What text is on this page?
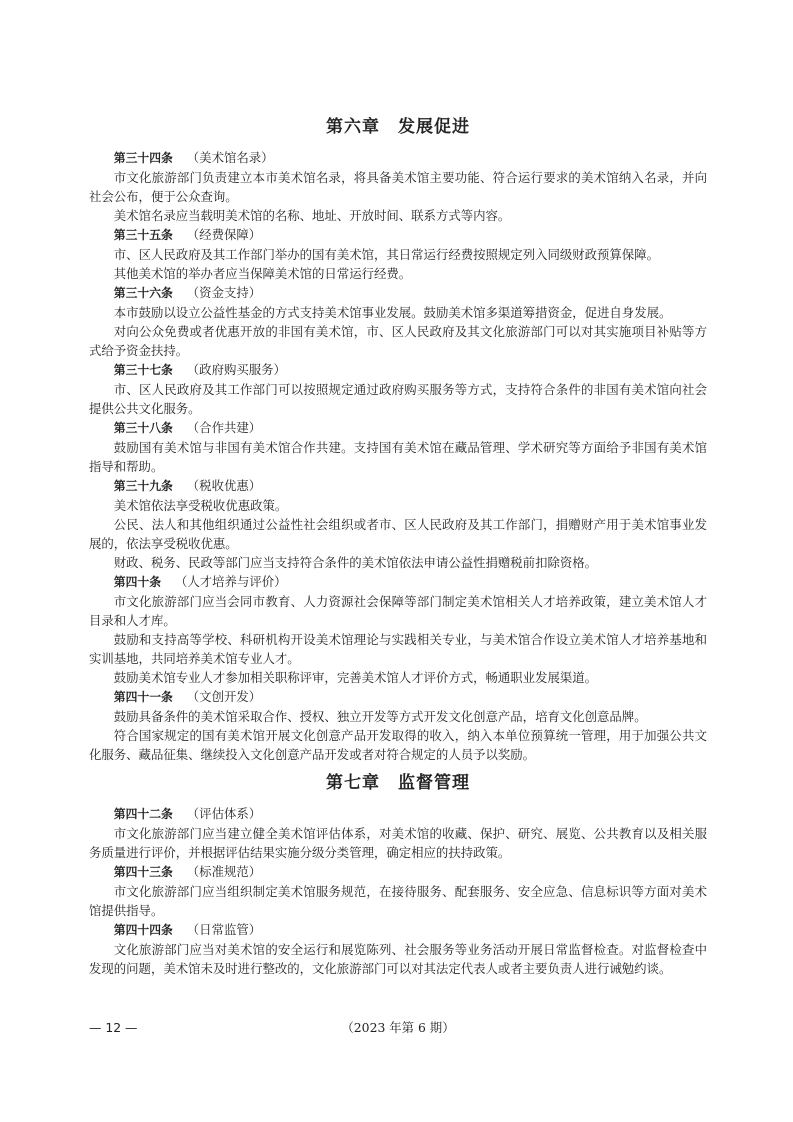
第六章 发展促进

第三十四条 （美术馆名录）

市文化旅游部门负责建立本市美术馆名录，将具备美术馆主要功能、符合运行要求的美术馆纳入名录，并向社会公布，便于公众查询。

美术馆名录应当载明美术馆的名称、地址、开放时间、联系方式等内容。

第三十五条 （经费保障）

市、区人民政府及其工作部门举办的国有美术馆，其日常运行经费按照规定列入同级财政预算保障。

其他美术馆的举办者应当保障美术馆的日常运行经费。

第三十六条 （资金支持）

本市鼓励以设立公益性基金的方式支持美术馆事业发展。鼓励美术馆多渠道筹措资金，促进自身发展。

对向公众免费或者优惠开放的非国有美术馆，市、区人民政府及其文化旅游部门可以对其实施项目补贴等方式给予资金扶持。

第三十七条 （政府购买服务）

市、区人民政府及其工作部门可以按照规定通过政府购买服务等方式，支持符合条件的非国有美术馆向社会提供公共文化服务。

第三十八条 （合作共建）

鼓励国有美术馆与非国有美术馆合作共建。支持国有美术馆在藏品管理、学术研究等方面给予非国有美术馆指导和帮助。

第三十九条 （税收优惠）

美术馆依法享受税收优惠政策。

公民、法人和其他组织通过公益性社会组织或者市、区人民政府及其工作部门，捐赠财产用于美术馆事业发展的，依法享受税收优惠。

财政、税务、民政等部门应当支持符合条件的美术馆依法申请公益性捐赠税前扣除资格。

第四十条 （人才培养与评价）

市文化旅游部门应当会同市教育、人力资源社会保障等部门制定美术馆相关人才培养政策，建立美术馆人才目录和人才库。

鼓励和支持高等学校、科研机构开设美术馆理论与实践相关专业，与美术馆合作设立美术馆人才培养基地和实训基地，共同培养美术馆专业人才。

鼓励美术馆专业人才参加相关职称评审，完善美术馆人才评价方式，畅通职业发展渠道。

第四十一条 （文创开发）

鼓励具备条件的美术馆采取合作、授权、独立开发等方式开发文化创意产品，培育文化创意品牌。

符合国家规定的国有美术馆开展文化创意产品开发取得的收入，纳入本单位预算统一管理，用于加强公共文化服务、藏品征集、继续投入文化创意产品开发或者对符合规定的人员予以奖励。

第七章 监督管理

第四十二条 （评估体系）

市文化旅游部门应当建立健全美术馆评估体系，对美术馆的收藏、保护、研究、展览、公共教育以及相关服务质量进行评价，并根据评估结果实施分级分类管理，确定相应的扶持政策。

第四十三条 （标准规范）

市文化旅游部门应当组织制定美术馆服务规范，在接待服务、配套服务、安全应急、信息标识等方面对美术馆提供指导。

第四十四条 （日常监管）

文化旅游部门应当对美术馆的安全运行和展览陈列、社会服务等业务活动开展日常监督检查。对监督检查中发现的问题，美术馆未及时进行整改的，文化旅游部门可以对其法定代表人或者主要负责人进行诫勉约谈。

— 12 —	（2023 年第 6 期）
